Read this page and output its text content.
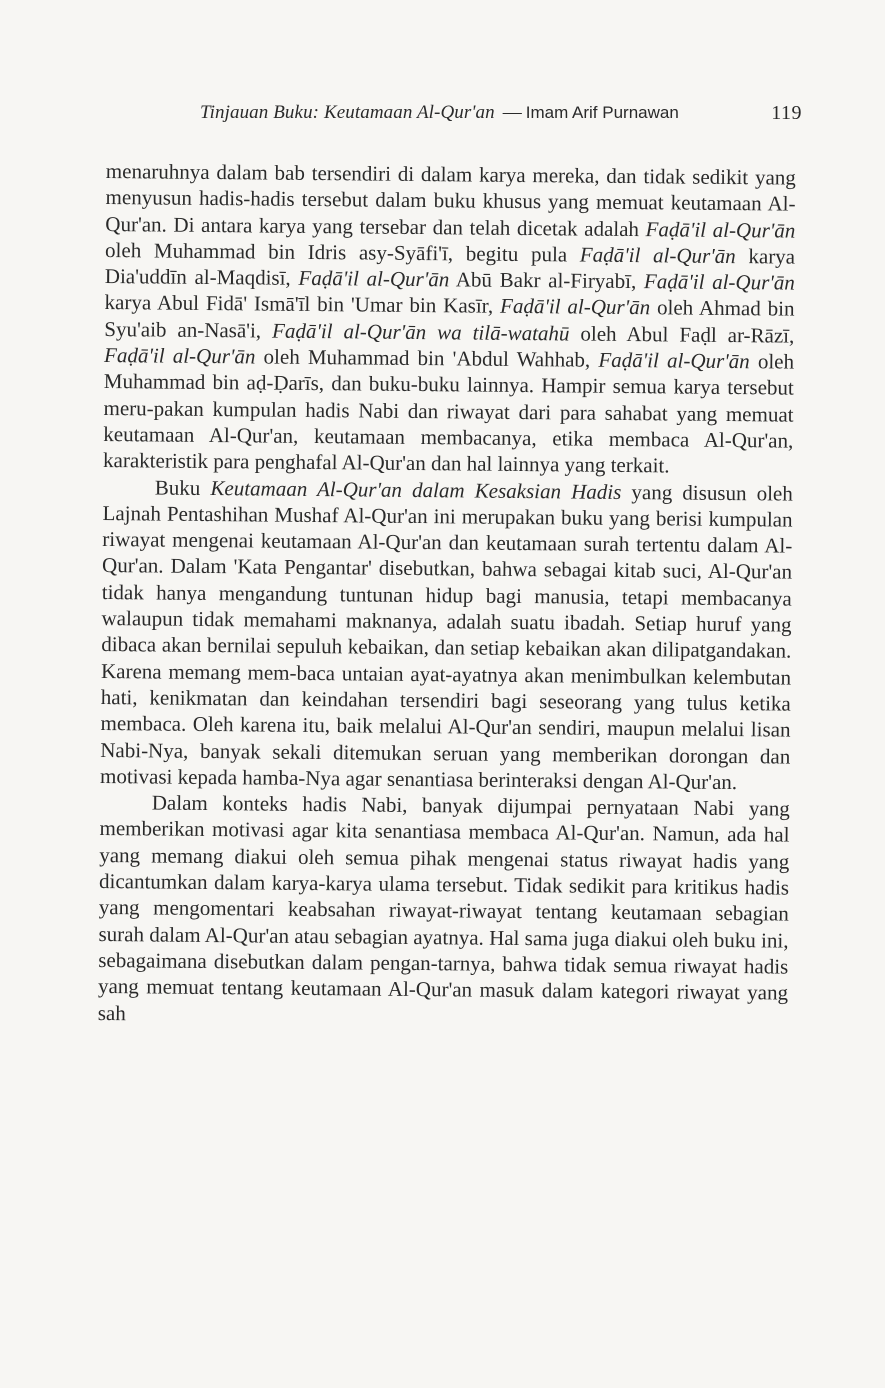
Tinjauan Buku: Keutamaan Al-Qur'an — Imam Arif Purnawan	119

menaruhnya dalam bab tersendiri di dalam karya mereka, dan tidak sedikit yang menyusun hadis-hadis tersebut dalam buku khusus yang memuat keutamaan Al-Qur'an. Di antara karya yang tersebar dan telah dicetak adalah Faḍā'il al-Qur'ān oleh Muhammad bin Idris asy-Syāfi'ī, begitu pula Faḍā'il al-Qur'ān karya Dia'uddīn al-Maqdisī, Faḍā'il al-Qur'ān Abū Bakr al-Firyabī, Faḍā'il al-Qur'ān karya Abul Fidā' Ismā'īl bin 'Umar bin Kasīr, Faḍā'il al-Qur'ān oleh Ahmad bin Syu'aib an-Nasā'i, Faḍā'il al-Qur'ān wa tilā-watahū oleh Abul Faḍl ar-Rāzī, Faḍā'il al-Qur'ān oleh Muhammad bin 'Abdul Wahhab, Faḍā'il al-Qur'ān oleh Muhammad bin aḍ-Ḍarīs, dan buku-buku lainnya. Hampir semua karya tersebut meru-pakan kumpulan hadis Nabi dan riwayat dari para sahabat yang memuat keutamaan Al-Qur'an, keutamaan membacanya, etika membaca Al-Qur'an, karakteristik para penghafal Al-Qur'an dan hal lainnya yang terkait.

Buku Keutamaan Al-Qur'an dalam Kesaksian Hadis yang disusun oleh Lajnah Pentashihan Mushaf Al-Qur'an ini merupakan buku yang berisi kumpulan riwayat mengenai keutamaan Al-Qur'an dan keutamaan surah tertentu dalam Al-Qur'an. Dalam 'Kata Pengantar' disebutkan, bahwa sebagai kitab suci, Al-Qur'an tidak hanya mengandung tuntunan hidup bagi manusia, tetapi membacanya walaupun tidak memahami maknanya, adalah suatu ibadah. Setiap huruf yang dibaca akan bernilai sepuluh kebaikan, dan setiap kebaikan akan dilipatgandakan. Karena memang mem-baca untaian ayat-ayatnya akan menimbulkan kelembutan hati, kenikmatan dan keindahan tersendiri bagi seseorang yang tulus ketika membaca. Oleh karena itu, baik melalui Al-Qur'an sendiri, maupun melalui lisan Nabi-Nya, banyak sekali ditemukan seruan yang memberikan dorongan dan motivasi kepada hamba-Nya agar senantiasa berinteraksi dengan Al-Qur'an.

Dalam konteks hadis Nabi, banyak dijumpai pernyataan Nabi yang memberikan motivasi agar kita senantiasa membaca Al-Qur'an. Namun, ada hal yang memang diakui oleh semua pihak mengenai status riwayat hadis yang dicantumkan dalam karya-karya ulama tersebut. Tidak sedikit para kritikus hadis yang mengomentari keabsahan riwayat-riwayat tentang keutamaan sebagian surah dalam Al-Qur'an atau sebagian ayatnya. Hal sama juga diakui oleh buku ini, sebagaimana disebutkan dalam pengan-tarnya, bahwa tidak semua riwayat hadis yang memuat tentang keutamaan Al-Qur'an masuk dalam kategori riwayat yang sah
